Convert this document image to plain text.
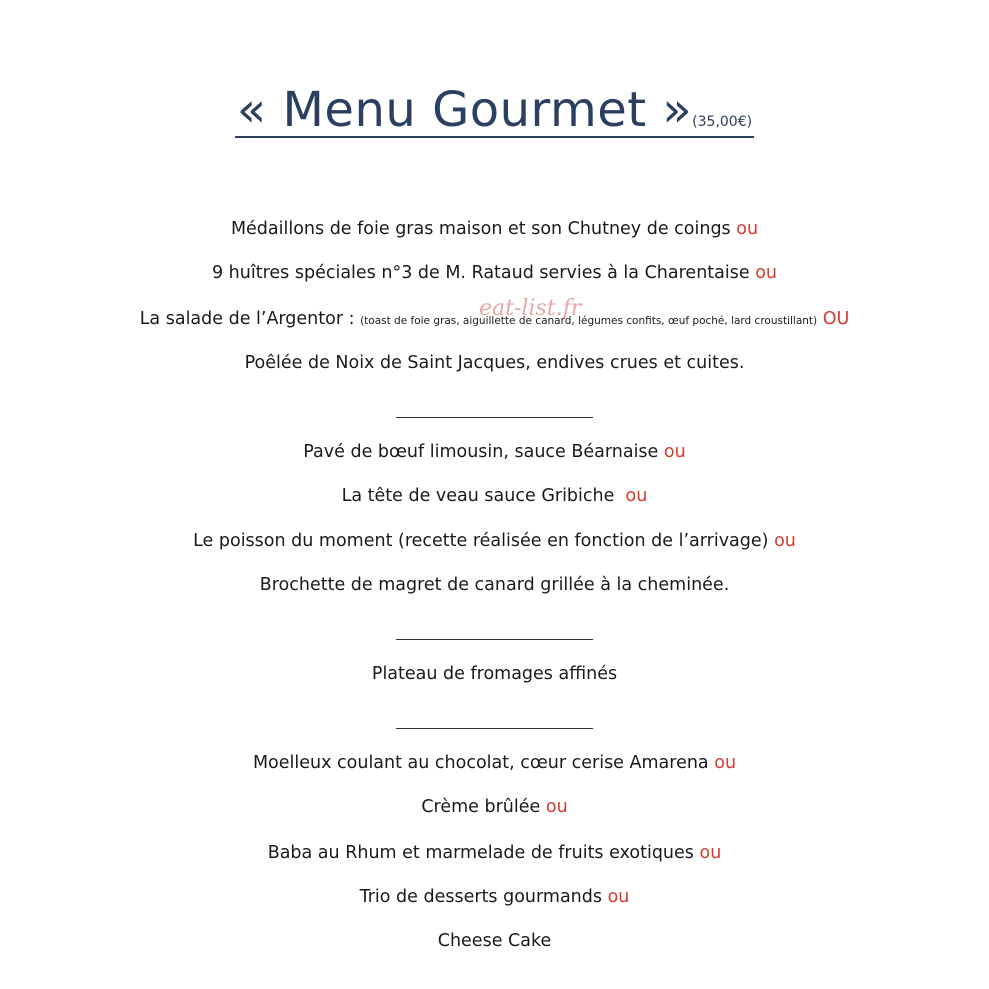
« Menu Gourmet »(35,00€)
Médaillons de foie gras maison et son Chutney de coings ou
9 huîtres spéciales n°3 de M. Rataud servies à la Charentaise ou
La salade de l’Argentor : (toast de foie gras, aiguillette de canard, légumes confits, œuf poché, lard croustillant) OU
eat-list.fr
Poêlée de Noix de Saint Jacques, endives crues et cuites.
Pavé de bœuf limousin, sauce Béarnaise ou
La tête de veau sauce Gribiche ou
Le poisson du moment (recette réalisée en fonction de l’arrivage) ou
Brochette de magret de canard grillée à la cheminée.
Plateau de fromages affinés
Moelleux coulant au chocolat, cœur cerise Amarena ou
Crème brûlée ou
Baba au Rhum et marmelade de fruits exotiques ou
Trio de desserts gourmands ou
Cheese Cake
